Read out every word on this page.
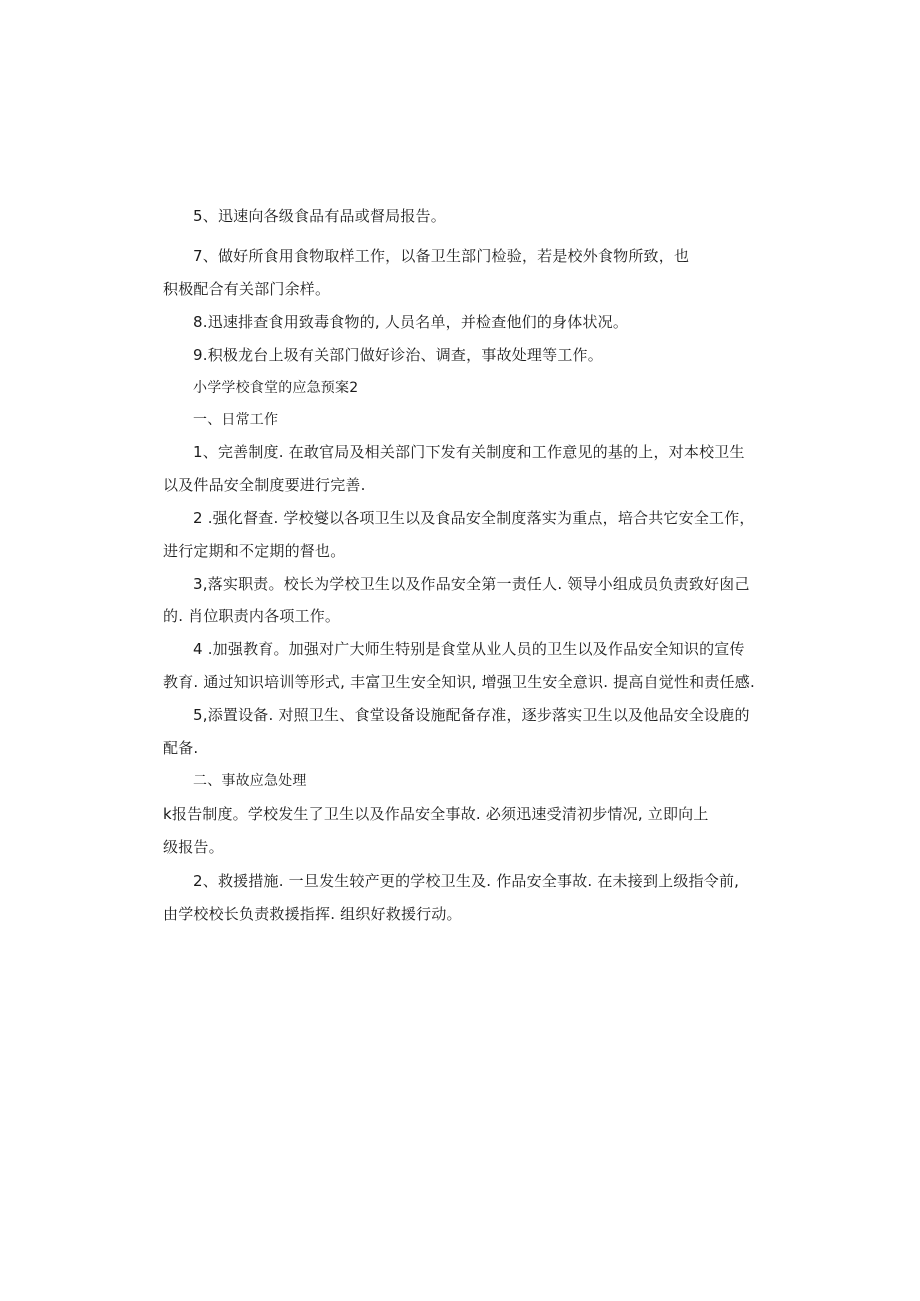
5、迅速向各级食品有品或督局报告。

7、做好所食用食物取样工作，以备卫生部门检验，若是校外食物所致，也

积极配合有关部门余样。

8.迅速排查食用致毒食物的, 人员名单，并检查他们的身体状况。

9.积极龙台上圾有关部门做好诊治、调查，事故处理等工作。

小学学校食堂的应急预案2

一、日常工作

1、完善制度. 在敢官局及相关部门下发有关制度和工作意见的基的上，对本校卫生

以及件品安全制度要进行完善.

2 .强化督查. 学校燮以各项卫生以及食品安全制度落实为重点，培合共它安全工作，

进行定期和不定期的督也。

3,落实职责。校长为学校卫生以及作品安全第一责任人. 领导小组成员负责致好囱己

的. 肖位职责内各项工作。

4 .加强教育。加强对广大师生特别是食堂从业人员的卫生以及作品安全知识的宣传

教育. 通过知识培训等形式, 丰富卫生安全知识, 增强卫生安全意识. 提高自觉性和责任感.

5,添置设备. 对照卫生、食堂设备设施配备存准，逐步落实卫生以及他品安全设鹿的

配备.

二、事故应急处理

k报告制度。学校发生了卫生以及作品安全事故. 必须迅速受清初步情况, 立即向上

级报告。

2、救援措施. 一旦发生较产更的学校卫生及. 作品安全事故. 在未接到上级指令前,

由学校校长负责救援指挥. 组织好救援行动。
